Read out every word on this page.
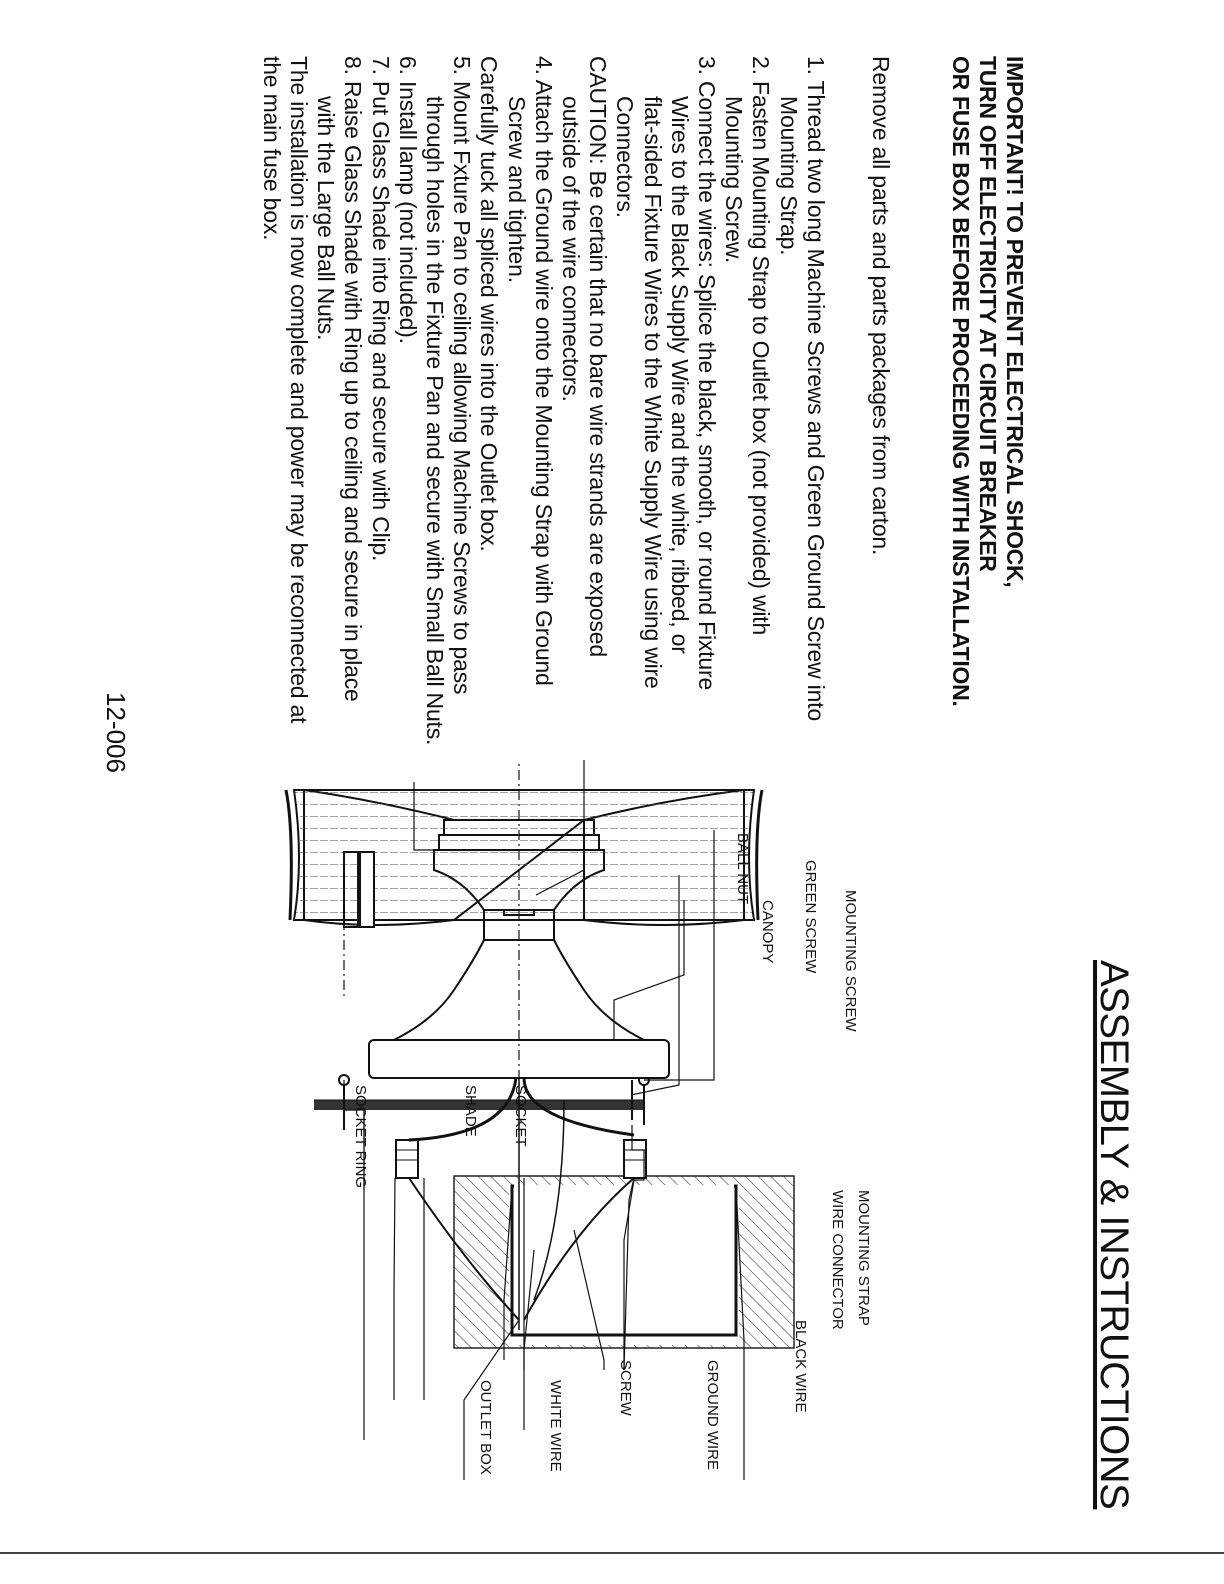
ASSEMBLY & INSTRUCTIONS
IMPORTANT! TO PREVENT ELECTRICAL SHOCK,
TURN OFF ELECTRICITY AT CIRCUIT BREAKER
OR FUSE BOX BEFORE PROCEEDING WITH INSTALLATION.
Remove all parts and parts packages from carton.
1. Thread two long Machine Screws and Green Ground Screw into
Mounting Strap.
2. Fasten Mounting Strap to Outlet box (not provided) with
Mounting Screw.
3. Connect the wires: Splice the black, smooth, or round Fixture
Wires to the Black Supply Wire and the white, ribbed, or
flat-sided Fixture Wires to the White Supply Wire using wire
Connectors.
CAUTION: Be certain that no bare wire strands are exposed
outside of the wire connectors.
4. Attach the Ground wire onto the Mounting Strap with Ground
Screw and tighten.
Carefully tuck all spliced wires into the Outlet box.
5. Mount Fxture Pan to ceiling allowing Machine Screws to pass
through holes in the Fixture Pan and secure with Small Ball Nuts.
6. Install lamp (not included).
7. Put Glass Shade into Ring and secure with Clip.
8. Raise Glass Shade with Ring up to ceiling and secure in place
with the Large Ball Nuts.
The installation is now complete and power may be reconnected at
the main fuse box.
12-006
MOUNTING SCREW
GREEN SCREW
CANOPY
BALL NUT
SOCKET
SHADE
SOCKET RING
MOUNTING STRAP
WIRE CONNECTOR
BLACK WIRE
GROUND WIRE
SCREW
WHITE WIRE
OUTLET BOX
